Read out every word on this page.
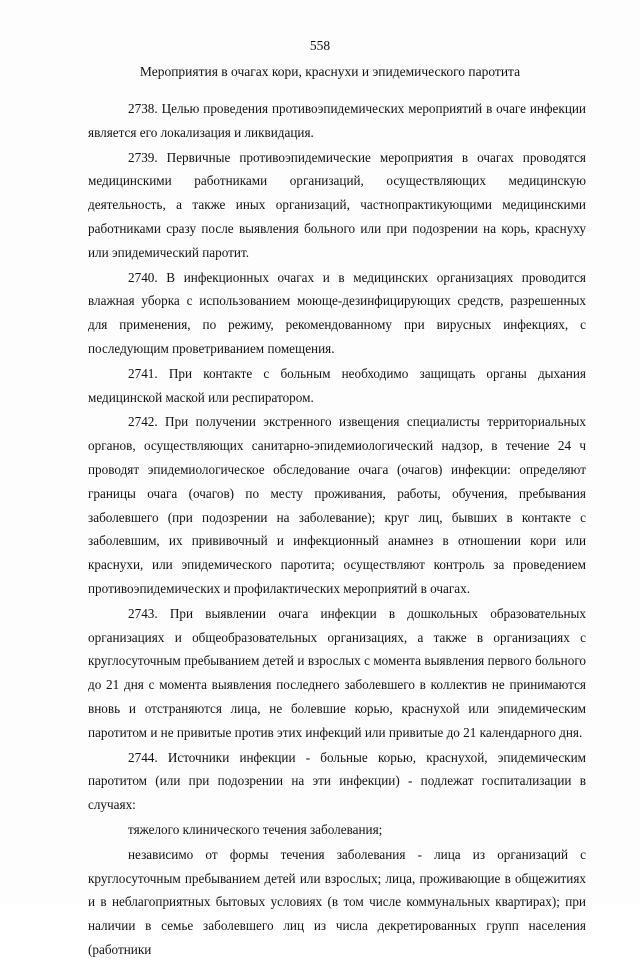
558
Мероприятия в очагах кори, краснухи и эпидемического паротита

2738. Целью проведения противоэпидемических мероприятий в очаге инфекции является его локализация и ликвидация.

2739. Первичные противоэпидемические мероприятия в очагах проводятся медицинскими работниками организаций, осуществляющих медицинскую деятельность, а также иных организаций, частнопрактикующими медицинскими работниками сразу после выявления больного или при подозрении на корь, краснуху или эпидемический паротит.

2740. В инфекционных очагах и в медицинских организациях проводится влажная уборка с использованием моюще-дезинфицирующих средств, разрешенных для применения, по режиму, рекомендованному при вирусных инфекциях, с последующим проветриванием помещения.

2741. При контакте с больным необходимо защищать органы дыхания медицинской маской или респиратором.

2742. При получении экстренного извещения специалисты территориальных органов, осуществляющих санитарно-эпидемиологический надзор, в течение 24 ч проводят эпидемиологическое обследование очага (очагов) инфекции: определяют границы очага (очагов) по месту проживания, работы, обучения, пребывания заболевшего (при подозрении на заболевание); круг лиц, бывших в контакте с заболевшим, их прививочный и инфекционный анамнез в отношении кори или краснухи, или эпидемического паротита; осуществляют контроль за проведением противоэпидемических и профилактических мероприятий в очагах.

2743. При выявлении очага инфекции в дошкольных образовательных организациях и общеобразовательных организациях, а также в организациях с круглосуточным пребыванием детей и взрослых с момента выявления первого больного до 21 дня с момента выявления последнего заболевшего в коллектив не принимаются вновь и отстраняются лица, не болевшие корью, краснухой или эпидемическим паротитом и не привитые против этих инфекций или привитые до 21 календарного дня.

2744. Источники инфекции - больные корью, краснухой, эпидемическим паротитом (или при подозрении на эти инфекции) - подлежат госпитализации в случаях:

тяжелого клинического течения заболевания;

независимо от формы течения заболевания - лица из организаций с круглосуточным пребыванием детей или взрослых; лица, проживающие в общежитиях и в неблагоприятных бытовых условиях (в том числе коммунальных квартирах); при наличии в семье заболевшего лиц из числа декретированных групп населения (работники
